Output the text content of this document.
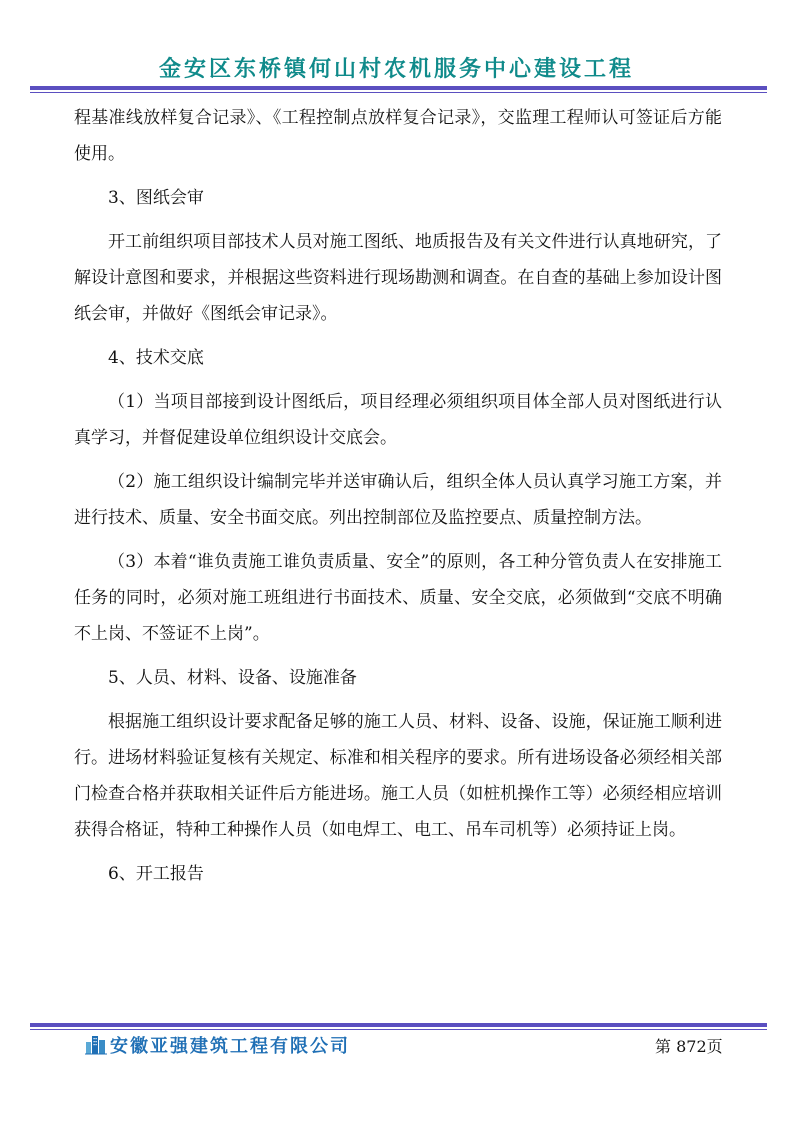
金安区东桥镇何山村农机服务中心建设工程

程基准线放样复合记录》、《工程控制点放样复合记录》，交监理工程师认可签证后方能使用。

3、图纸会审

开工前组织项目部技术人员对施工图纸、地质报告及有关文件进行认真地研究，了解设计意图和要求，并根据这些资料进行现场勘测和调查。在自查的基础上参加设计图纸会审，并做好《图纸会审记录》。

4、技术交底

（1）当项目部接到设计图纸后，项目经理必须组织项目体全部人员对图纸进行认真学习，并督促建设单位组织设计交底会。

（2）施工组织设计编制完毕并送审确认后，组织全体人员认真学习施工方案，并进行技术、质量、安全书面交底。列出控制部位及监控要点、质量控制方法。

（3）本着“谁负责施工谁负责质量、安全”的原则，各工种分管负责人在安排施工任务的同时，必须对施工班组进行书面技术、质量、安全交底，必须做到“交底不明确不上岗、不签证不上岗”。

5、人员、材料、设备、设施准备

根据施工组织设计要求配备足够的施工人员、材料、设备、设施，保证施工顺利进行。进场材料验证复核有关规定、标准和相关程序的要求。所有进场设备必须经相关部门检查合格并获取相关证件后方能进场。施工人员（如桩机操作工等）必须经相应培训获得合格证，特种工种操作人员（如电焊工、电工、吊车司机等）必须持证上岗。

6、开工报告

安徽亚强建筑工程有限公司	第 872页
